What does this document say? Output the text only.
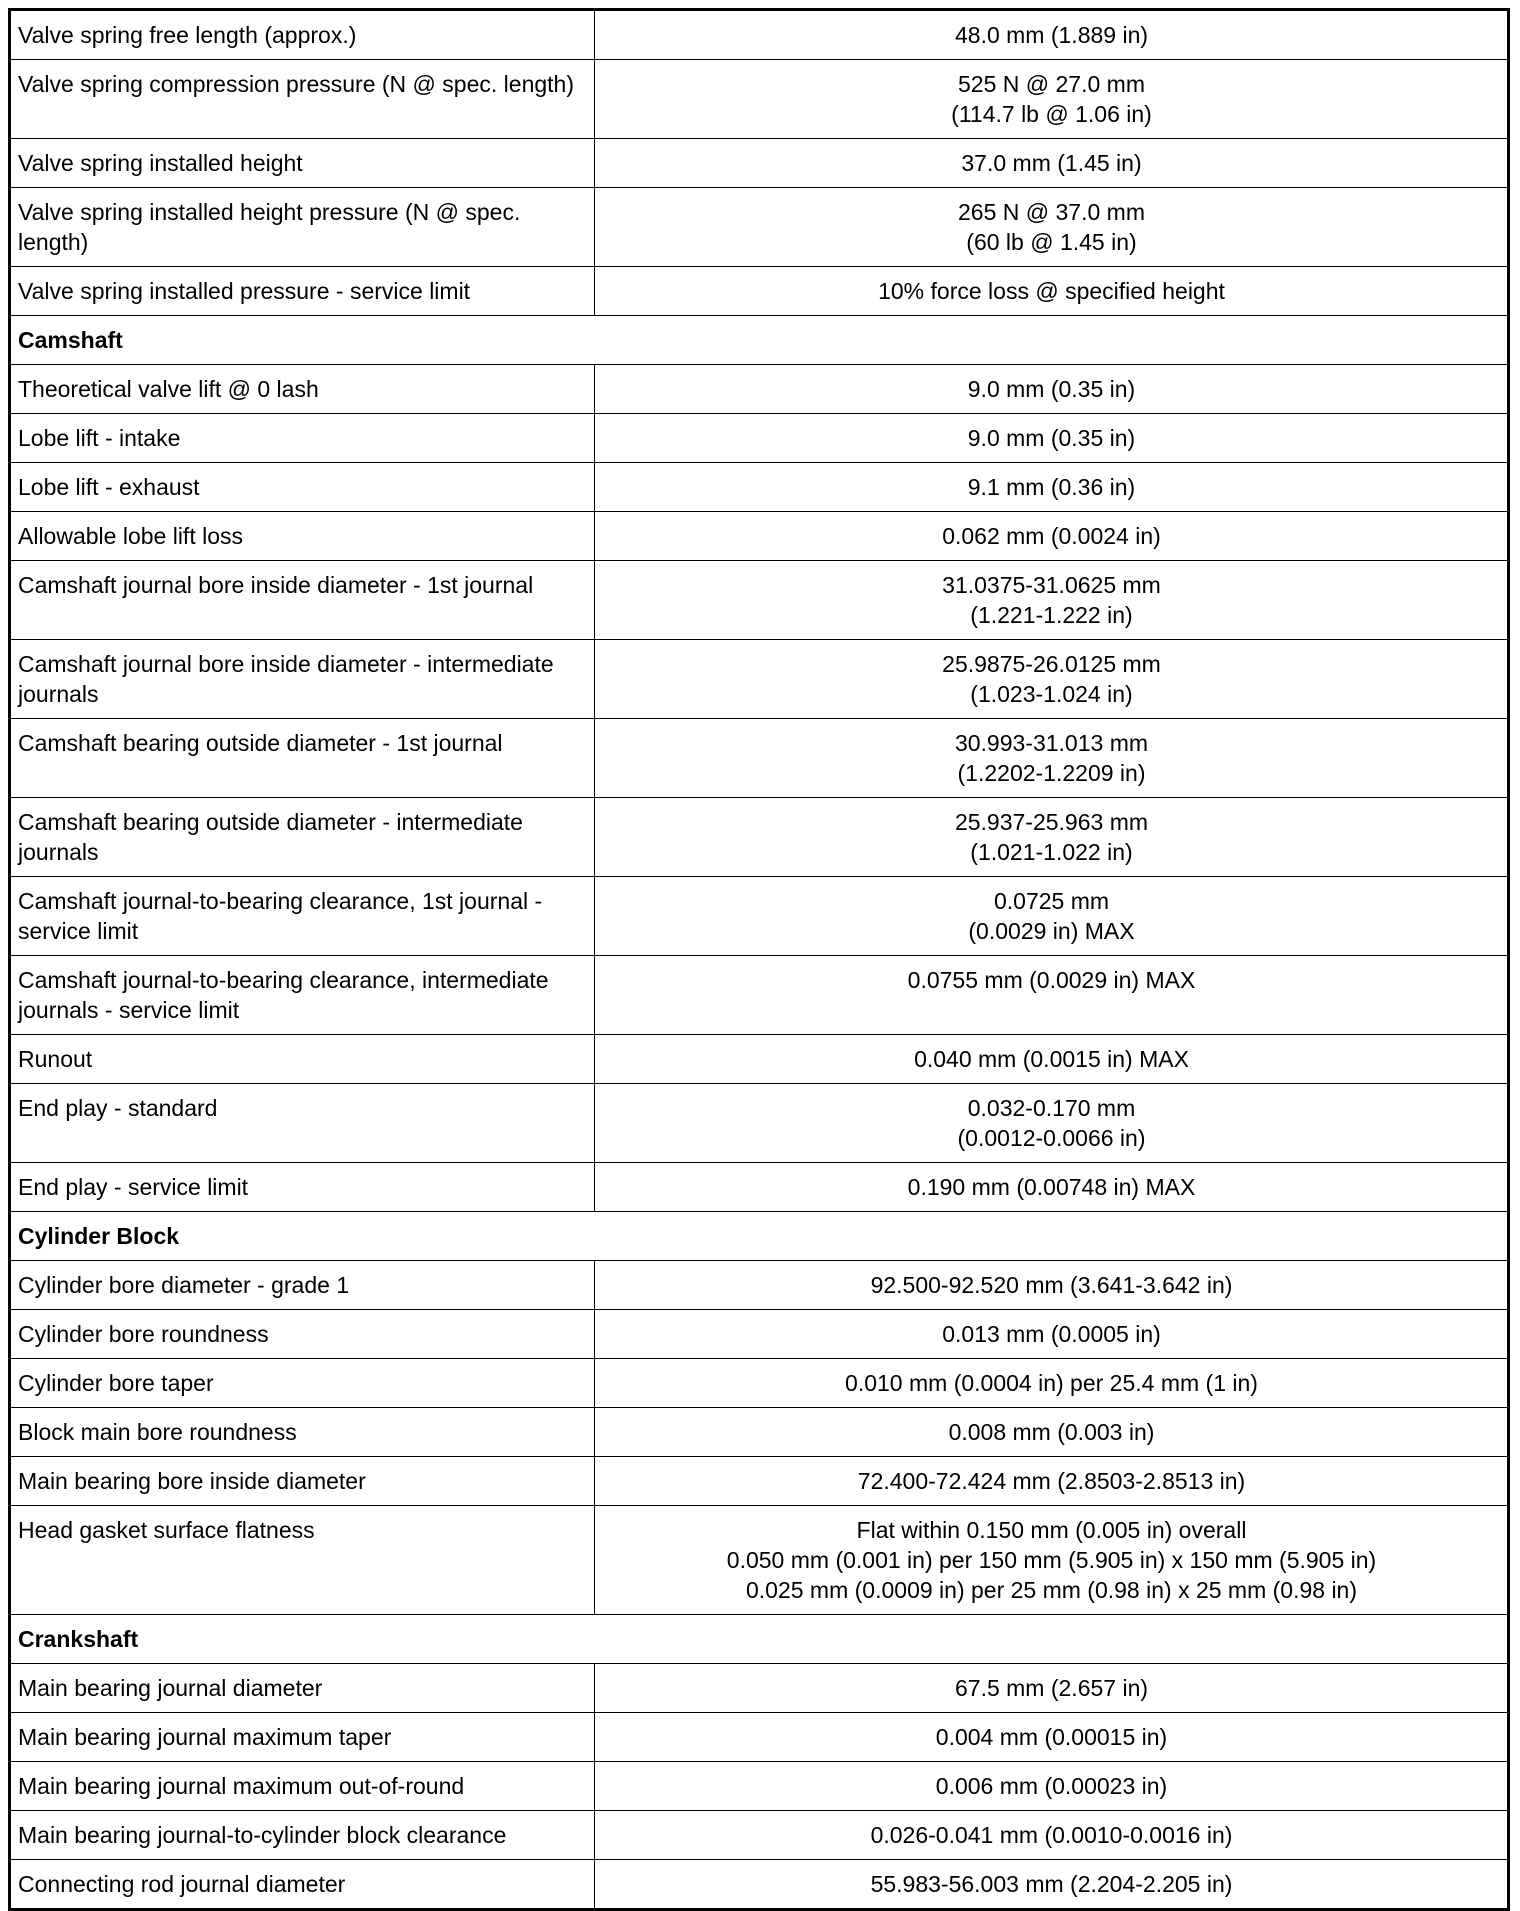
Valve spring free length (approx.)	48.0 mm (1.889 in)

Valve spring compression pressure (N @ spec. length)	525 N @ 27.0 mm
(114.7 lb @ 1.06 in)

Valve spring installed height	37.0 mm (1.45 in)

Valve spring installed height pressure (N @ spec. length)	265 N @ 37.0 mm
(60 lb @ 1.45 in)

Valve spring installed pressure - service limit	10% force loss @ specified height

Camshaft	
Theoretical valve lift @ 0 lash	9.0 mm (0.35 in)

Lobe lift - intake	9.0 mm (0.35 in)

Lobe lift - exhaust	9.1 mm (0.36 in)

Allowable lobe lift loss	0.062 mm (0.0024 in)

Camshaft journal bore inside diameter - 1st journal	31.0375-31.0625 mm
(1.221-1.222 in)

Camshaft journal bore inside diameter - intermediate journals	25.9875-26.0125 mm
(1.023-1.024 in)

Camshaft bearing outside diameter - 1st journal	30.993-31.013 mm
(1.2202-1.2209 in)

Camshaft bearing outside diameter - intermediate journals	25.937-25.963 mm
(1.021-1.022 in)

Camshaft journal-to-bearing clearance, 1st journal - service limit	0.0725 mm
(0.0029 in) MAX

Camshaft journal-to-bearing clearance, intermediate journals - service limit	0.0755 mm (0.0029 in) MAX

Runout	0.040 mm (0.0015 in) MAX

End play - standard	0.032-0.170 mm
(0.0012-0.0066 in)

End play - service limit	0.190 mm (0.00748 in) MAX

Cylinder Block	
Cylinder bore diameter - grade 1	92.500-92.520 mm (3.641-3.642 in)

Cylinder bore roundness	0.013 mm (0.0005 in)

Cylinder bore taper	0.010 mm (0.0004 in) per 25.4 mm (1 in)

Block main bore roundness	0.008 mm (0.003 in)

Main bearing bore inside diameter	72.400-72.424 mm (2.8503-2.8513 in)

Head gasket surface flatness	Flat within 0.150 mm (0.005 in) overall
0.050 mm (0.001 in) per 150 mm (5.905 in) x 150 mm (5.905 in)
0.025 mm (0.0009 in) per 25 mm (0.98 in) x 25 mm (0.98 in)

Crankshaft	
Main bearing journal diameter	67.5 mm (2.657 in)

Main bearing journal maximum taper	0.004 mm (0.00015 in)

Main bearing journal maximum out-of-round	0.006 mm (0.00023 in)

Main bearing journal-to-cylinder block clearance	0.026-0.041 mm (0.0010-0.0016 in)

Connecting rod journal diameter	55.983-56.003 mm (2.204-2.205 in)
